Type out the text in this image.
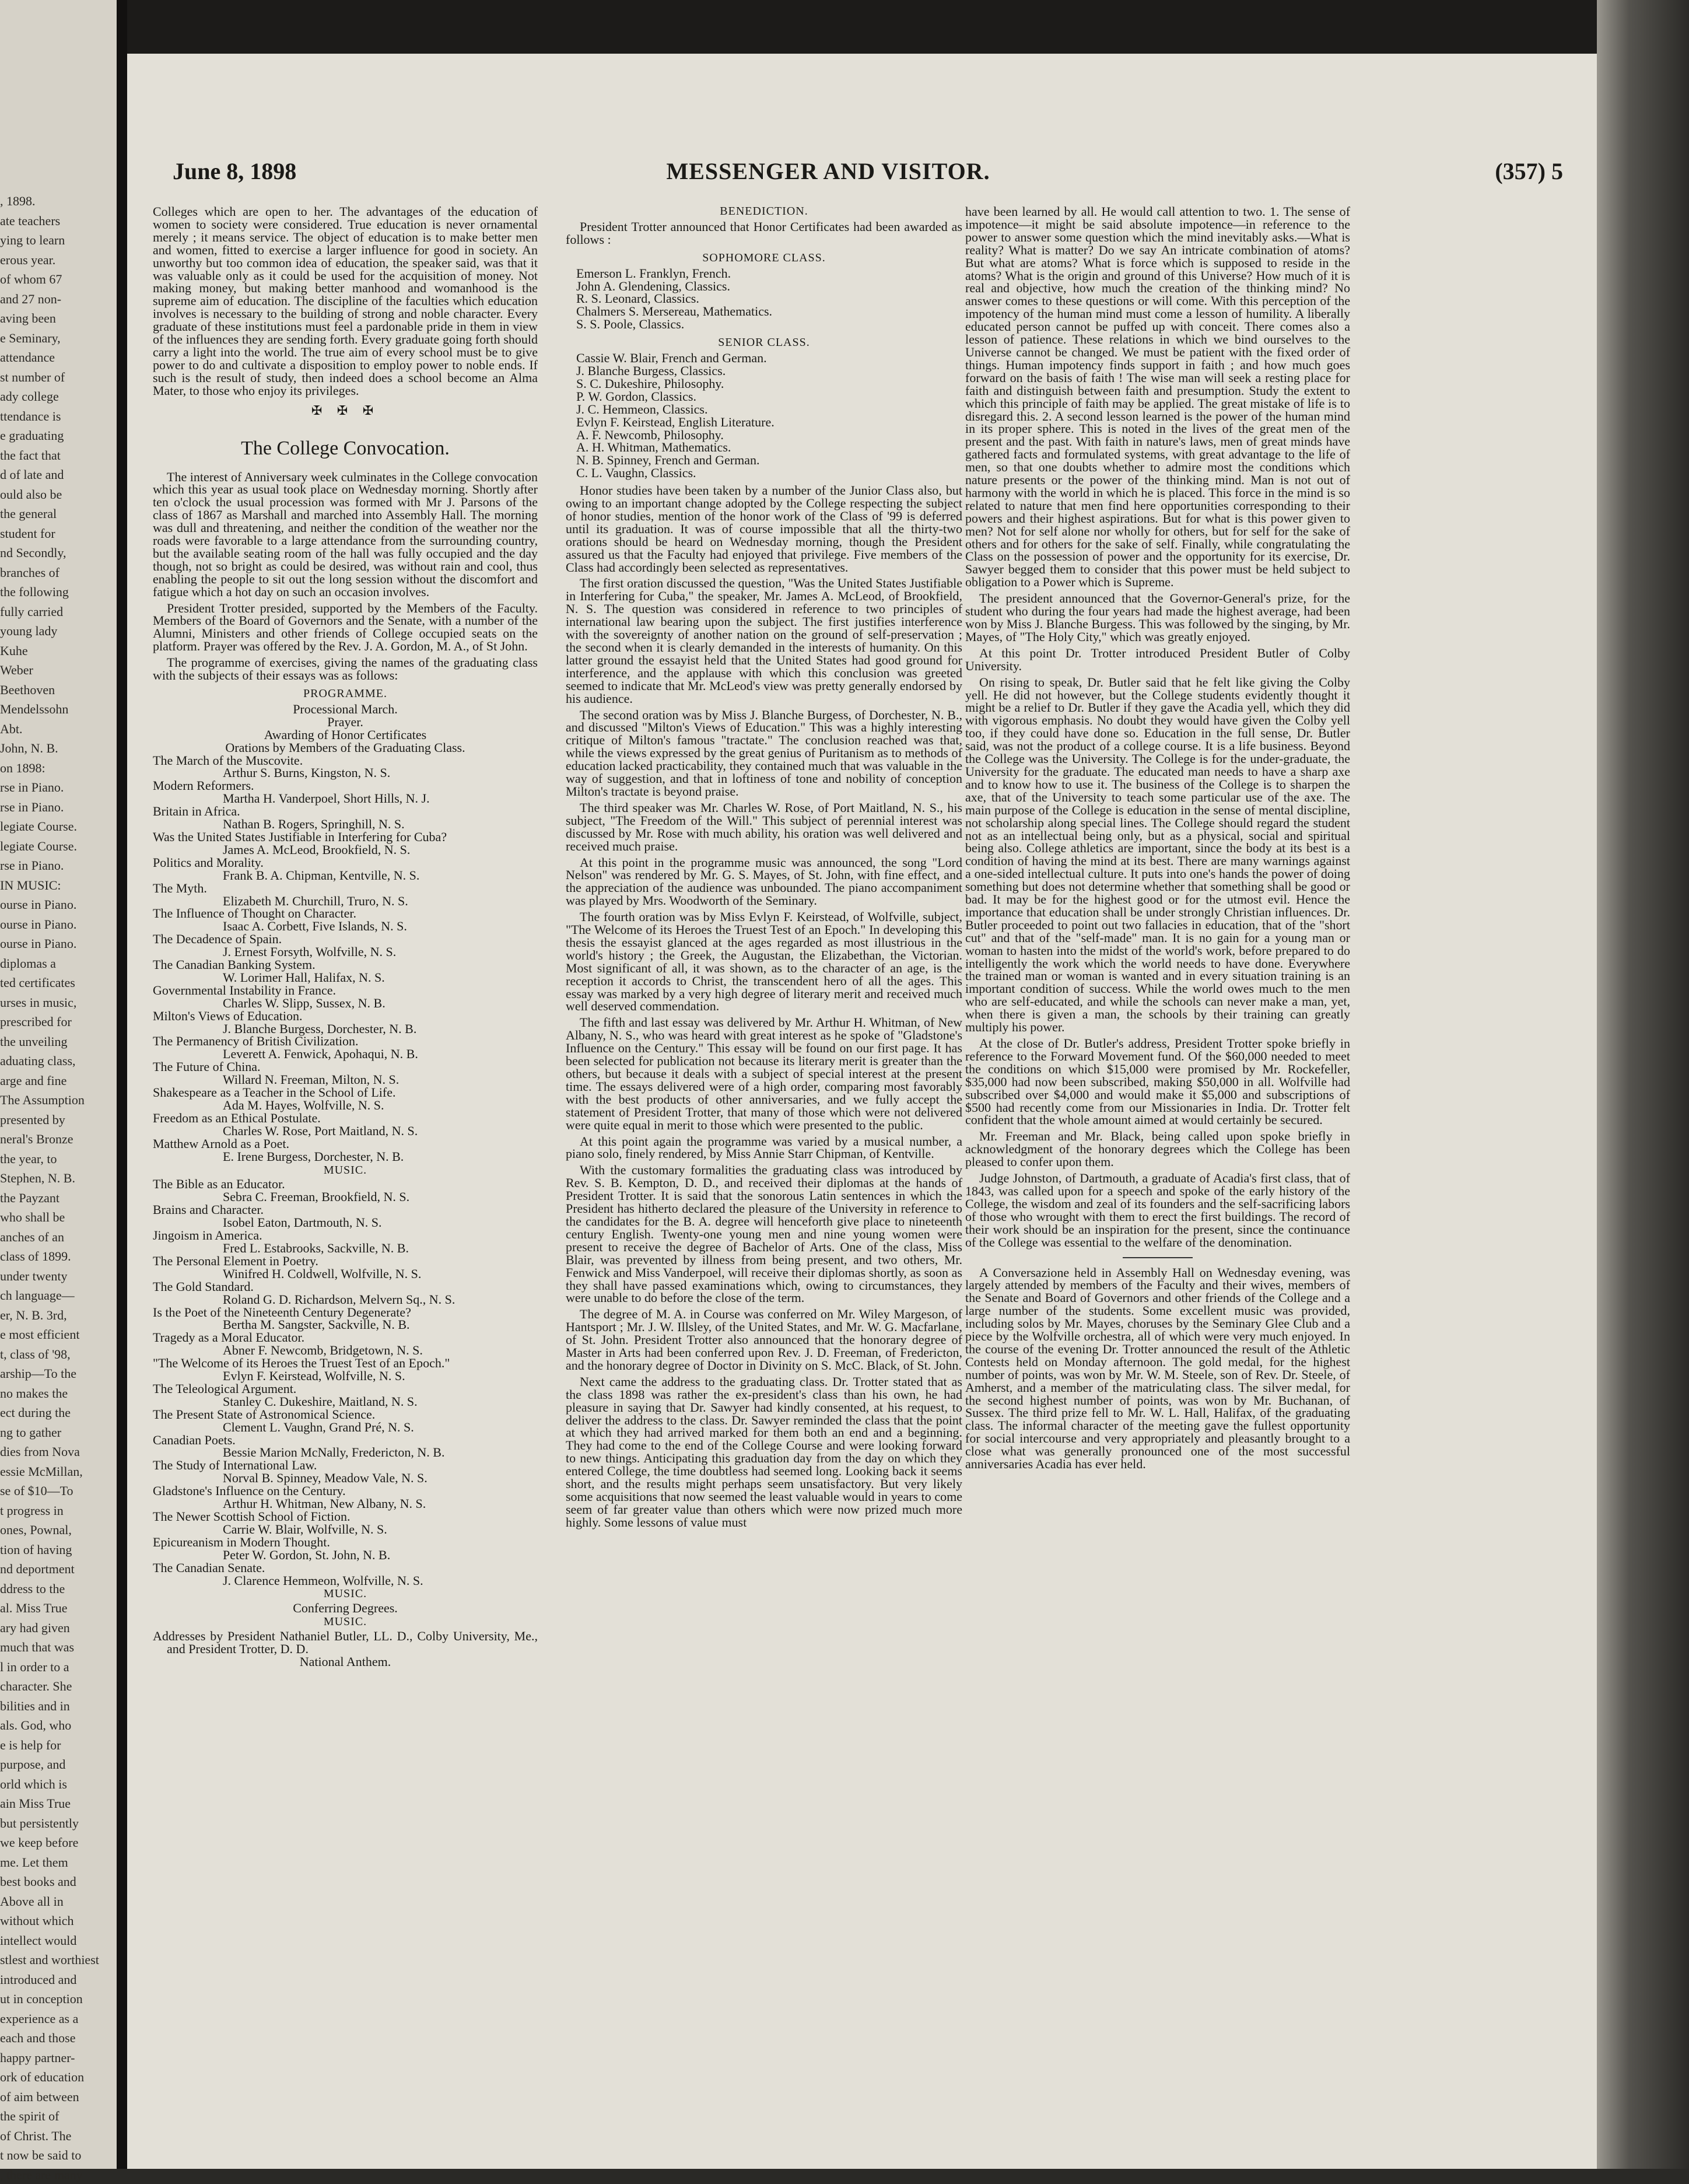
, 1898.
ate teachers
ying to learn
erous year.
of whom 67
and 27 non-
aving been
e Seminary,
attendance
st number of
ady college
ttendance is
e graduating
the fact that
d of late and
ould also be
the general
student for
nd Secondly,
branches of
the following
fully carried
young lady
Kuhe
Weber
Beethoven
Mendelssohn
Abt.
John, N. B.
on 1898:
rse in Piano.
rse in Piano.
legiate Course.
legiate Course.
rse in Piano.
IN MUSIC:
ourse in Piano.
ourse in Piano.
ourse in Piano.
diplomas a
ted certificates
urses in music,
prescribed for
the unveiling
aduating class,
arge and fine
The Assumption
presented by
neral's Bronze
the year, to
Stephen, N. B.
the Payzant
who shall be
anches of an
class of 1899.
under twenty
ch language—
er, N. B. 3rd,
e most efficient
t, class of '98,
arship—To the
no makes the
ect during the
ng to gather
dies from Nova
essie McMillan,
se of $10—To
t progress in
ones, Pownal,
tion of having
nd deportment
ddress to the
al. Miss True
ary had given
much that was
l in order to a
character. She
bilities and in
als. God, who
e is help for
purpose, and
orld which is
ain Miss True
but persistently
we keep before
me. Let them
best books and
Above all in
without which
intellect would
stlest and worthiest
introduced and
ut in conception
experience as a
each and those
happy partner-
ork of education
of aim between
the spirit of
of Christ. The
t now be said to
, there are many
June 8, 1898	MESSENGER AND VISITOR.	(357) 5

Colleges which are open to her. The advantages of the education of women to society were considered. True education is never ornamental merely ; it means service. The object of education is to make better men and women, fitted to exercise a larger influence for good in society. An unworthy but too common idea of education, the speaker said, was that it was valuable only as it could be used for the acquisition of money. Not making money, but making better manhood and womanhood is the supreme aim of education. The discipline of the faculties which education involves is necessary to the building of strong and noble character. Every graduate of these institutions must feel a pardonable pride in them in view of the influences they are sending forth. Every graduate going forth should carry a light into the world. The true aim of every school must be to give power to do and cultivate a disposition to employ power to noble ends. If such is the result of study, then indeed does a school become an Alma Mater, to those who enjoy its privileges.

✠ ✠ ✠
The College Convocation.

The interest of Anniversary week culminates in the College convocation which this year as usual took place on Wednesday morning. Shortly after ten o'clock the usual procession was formed with Mr J. Parsons of the class of 1867 as Marshall and marched into Assembly Hall. The morning was dull and threatening, and neither the condition of the weather nor the roads were favorable to a large attendance from the surrounding country, but the available seating room of the hall was fully occupied and the day though, not so bright as could be desired, was without rain and cool, thus enabling the people to sit out the long session without the discomfort and fatigue which a hot day on such an occasion involves.

President Trotter presided, supported by the Members of the Faculty. Members of the Board of Governors and the Senate, with a number of the Alumni, Ministers and other friends of College occupied seats on the platform. Prayer was offered by the Rev. J. A. Gordon, M. A., of St John.

The programme of exercises, giving the names of the graduating class with the subjects of their essays was as follows:

PROGRAMME.
Processional March.
Prayer.
Awarding of Honor Certificates
Orations by Members of the Graduating Class.
The March of the Muscovite.
Arthur S. Burns, Kingston, N. S.
Modern Reformers.
Martha H. Vanderpoel, Short Hills, N. J.
Britain in Africa.
Nathan B. Rogers, Springhill, N. S.
Was the United States Justifiable in Interfering for Cuba?
James A. McLeod, Brookfield, N. S.
Politics and Morality.
Frank B. A. Chipman, Kentville, N. S.
The Myth.
Elizabeth M. Churchill, Truro, N. S.
The Influence of Thought on Character.
Isaac A. Corbett, Five Islands, N. S.
The Decadence of Spain.
J. Ernest Forsyth, Wolfville, N. S.
The Canadian Banking System.
W. Lorimer Hall, Halifax, N. S.
Governmental Instability in France.
Charles W. Slipp, Sussex, N. B.
Milton's Views of Education.
J. Blanche Burgess, Dorchester, N. B.
The Permanency of British Civilization.
Leverett A. Fenwick, Apohaqui, N. B.
The Future of China.
Willard N. Freeman, Milton, N. S.
Shakespeare as a Teacher in the School of Life.
Ada M. Hayes, Wolfville, N. S.
Freedom as an Ethical Postulate.
Charles W. Rose, Port Maitland, N. S.
Matthew Arnold as a Poet.
E. Irene Burgess, Dorchester, N. B.
MUSIC.
The Bible as an Educator.
Sebra C. Freeman, Brookfield, N. S.
Brains and Character.
Isobel Eaton, Dartmouth, N. S.
Jingoism in America.
Fred L. Estabrooks, Sackville, N. B.
The Personal Element in Poetry.
Winifred H. Coldwell, Wolfville, N. S.
The Gold Standard.
Roland G. D. Richardson, Melvern Sq., N. S.
Is the Poet of the Nineteenth Century Degenerate?
Bertha M. Sangster, Sackville, N. B.
Tragedy as a Moral Educator.
Abner F. Newcomb, Bridgetown, N. S.
"The Welcome of its Heroes the Truest Test of an Epoch."
Evlyn F. Keirstead, Wolfville, N. S.
The Teleological Argument.
Stanley C. Dukeshire, Maitland, N. S.
The Present State of Astronomical Science.
Clement L. Vaughn, Grand Pré, N. S.
Canadian Poets.
Bessie Marion McNally, Fredericton, N. B.
The Study of International Law.
Norval B. Spinney, Meadow Vale, N. S.
Gladstone's Influence on the Century.
Arthur H. Whitman, New Albany, N. S.
The Newer Scottish School of Fiction.
Carrie W. Blair, Wolfville, N. S.
Epicureanism in Modern Thought.
Peter W. Gordon, St. John, N. B.
The Canadian Senate.
J. Clarence Hemmeon, Wolfville, N. S.
MUSIC.
Conferring Degrees.
MUSIC.

Addresses by President Nathaniel Butler, LL. D., Colby University, Me., and President Trotter, D. D.

National Anthem.
BENEDICTION.

President Trotter announced that Honor Certificates had been awarded as follows :

SOPHOMORE CLASS.
Emerson L. Franklyn, French.
John A. Glendening, Classics.
R. S. Leonard, Classics.
Chalmers S. Mersereau, Mathematics.
S. S. Poole, Classics.
SENIOR CLASS.
Cassie W. Blair, French and German.
J. Blanche Burgess, Classics.
S. C. Dukeshire, Philosophy.
P. W. Gordon, Classics.
J. C. Hemmeon, Classics.
Evlyn F. Keirstead, English Literature.
A. F. Newcomb, Philosophy.
A. H. Whitman, Mathematics.
N. B. Spinney, French and German.
C. L. Vaughn, Classics.

Honor studies have been taken by a number of the Junior Class also, but owing to an important change adopted by the College respecting the subject of honor studies, mention of the honor work of the Class of '99 is deferred until its graduation. It was of course impossible that all the thirty-two orations should be heard on Wednesday morning, though the President assured us that the Faculty had enjoyed that privilege. Five members of the Class had accordingly been selected as representatives.

The first oration discussed the question, "Was the United States Justifiable in Interfering for Cuba," the speaker, Mr. James A. McLeod, of Brookfield, N. S. The question was considered in reference to two principles of international law bearing upon the subject. The first justifies interference with the sovereignty of another nation on the ground of self-preservation ; the second when it is clearly demanded in the interests of humanity. On this latter ground the essayist held that the United States had good ground for interference, and the applause with which this conclusion was greeted seemed to indicate that Mr. McLeod's view was pretty generally endorsed by his audience.

The second oration was by Miss J. Blanche Burgess, of Dorchester, N. B., and discussed "Milton's Views of Education." This was a highly interesting critique of Milton's famous "tractate." The conclusion reached was that, while the views expressed by the great genius of Puritanism as to methods of education lacked practicability, they contained much that was valuable in the way of suggestion, and that in loftiness of tone and nobility of conception Milton's tractate is beyond praise.

The third speaker was Mr. Charles W. Rose, of Port Maitland, N. S., his subject, "The Freedom of the Will." This subject of perennial interest was discussed by Mr. Rose with much ability, his oration was well delivered and received much praise.

At this point in the programme music was announced, the song "Lord Nelson" was rendered by Mr. G. S. Mayes, of St. John, with fine effect, and the appreciation of the audience was unbounded. The piano accompaniment was played by Mrs. Woodworth of the Seminary.

The fourth oration was by Miss Evlyn F. Keirstead, of Wolfville, subject, "The Welcome of its Heroes the Truest Test of an Epoch." In developing this thesis the essayist glanced at the ages regarded as most illustrious in the world's history ; the Greek, the Augustan, the Elizabethan, the Victorian. Most significant of all, it was shown, as to the character of an age, is the reception it accords to Christ, the transcendent hero of all the ages. This essay was marked by a very high degree of literary merit and received much well deserved commendation.

The fifth and last essay was delivered by Mr. Arthur H. Whitman, of New Albany, N. S., who was heard with great interest as he spoke of "Gladstone's Influence on the Century." This essay will be found on our first page. It has been selected for publication not because its literary merit is greater than the others, but because it deals with a subject of special interest at the present time. The essays delivered were of a high order, comparing most favorably with the best products of other anniversaries, and we fully accept the statement of President Trotter, that many of those which were not delivered were quite equal in merit to those which were presented to the public.

At this point again the programme was varied by a musical number, a piano solo, finely rendered, by Miss Annie Starr Chipman, of Kentville.

With the customary formalities the graduating class was introduced by Rev. S. B. Kempton, D. D., and received their diplomas at the hands of President Trotter. It is said that the sonorous Latin sentences in which the President has hitherto declared the pleasure of the University in reference to the candidates for the B. A. degree will henceforth give place to nineteenth century English. Twenty-one young men and nine young women were present to receive the degree of Bachelor of Arts. One of the class, Miss Blair, was prevented by illness from being present, and two others, Mr. Fenwick and Miss Vanderpoel, will receive their diplomas shortly, as soon as they shall have passed examinations which, owing to circumstances, they were unable to do before the close of the term.

The degree of M. A. in Course was conferred on Mr. Wiley Margeson, of Hantsport ; Mr. J. W. Illsley, of the United States, and Mr. W. G. Macfarlane, of St. John. President Trotter also announced that the honorary degree of Master in Arts had been conferred upon Rev. J. D. Freeman, of Fredericton, and the honorary degree of Doctor in Divinity on S. McC. Black, of St. John.

Next came the address to the graduating class. Dr. Trotter stated that as the class 1898 was rather the ex-president's class than his own, he had pleasure in saying that Dr. Sawyer had kindly consented, at his request, to deliver the address to the class. Dr. Sawyer reminded the class that the point at which they had arrived marked for them both an end and a beginning. They had come to the end of the College Course and were looking forward to new things. Anticipating this graduation day from the day on which they entered College, the time doubtless had seemed long. Looking back it seems short, and the results might perhaps seem unsatisfactory. But very likely some acquisitions that now seemed the least valuable would in years to come seem of far greater value than others which were now prized much more highly. Some lessons of value must

have been learned by all. He would call attention to two. 1. The sense of impotence—it might be said absolute impotence—in reference to the power to answer some question which the mind inevitably asks.—What is reality? What is matter? Do we say An intricate combination of atoms? But what are atoms? What is force which is supposed to reside in the atoms? What is the origin and ground of this Universe? How much of it is real and objective, how much the creation of the thinking mind? No answer comes to these questions or will come. With this perception of the impotency of the human mind must come a lesson of humility. A liberally educated person cannot be puffed up with conceit. There comes also a lesson of patience. These relations in which we bind ourselves to the Universe cannot be changed. We must be patient with the fixed order of things. Human impotency finds support in faith ; and how much goes forward on the basis of faith ! The wise man will seek a resting place for faith and distinguish between faith and presumption. Study the extent to which this principle of faith may be applied. The great mistake of life is to disregard this. 2. A second lesson learned is the power of the human mind in its proper sphere. This is noted in the lives of the great men of the present and the past. With faith in nature's laws, men of great minds have gathered facts and formulated systems, with great advantage to the life of men, so that one doubts whether to admire most the conditions which nature presents or the power of the thinking mind. Man is not out of harmony with the world in which he is placed. This force in the mind is so related to nature that men find here opportunities corresponding to their powers and their highest aspirations. But for what is this power given to men? Not for self alone nor wholly for others, but for self for the sake of others and for others for the sake of self. Finally, while congratulating the Class on the possession of power and the opportunity for its exercise, Dr. Sawyer begged them to consider that this power must be held subject to obligation to a Power which is Supreme.

The president announced that the Governor-General's prize, for the student who during the four years had made the highest average, had been won by Miss J. Blanche Burgess. This was followed by the singing, by Mr. Mayes, of "The Holy City," which was greatly enjoyed.

At this point Dr. Trotter introduced President Butler of Colby University.

On rising to speak, Dr. Butler said that he felt like giving the Colby yell. He did not however, but the College students evidently thought it might be a relief to Dr. Butler if they gave the Acadia yell, which they did with vigorous emphasis. No doubt they would have given the Colby yell too, if they could have done so. Education in the full sense, Dr. Butler said, was not the product of a college course. It is a life business. Beyond the College was the University. The College is for the under-graduate, the University for the graduate. The educated man needs to have a sharp axe and to know how to use it. The business of the College is to sharpen the axe, that of the University to teach some particular use of the axe. The main purpose of the College is education in the sense of mental discipline, not scholarship along special lines. The College should regard the student not as an intellectual being only, but as a physical, social and spiritual being also. College athletics are important, since the body at its best is a condition of having the mind at its best. There are many warnings against a one-sided intellectual culture. It puts into one's hands the power of doing something but does not determine whether that something shall be good or bad. It may be for the highest good or for the utmost evil. Hence the importance that education shall be under strongly Christian influences. Dr. Butler proceeded to point out two fallacies in education, that of the "short cut" and that of the "self-made" man. It is no gain for a young man or woman to hasten into the midst of the world's work, before prepared to do intelligently the work which the world needs to have done. Everywhere the trained man or woman is wanted and in every situation training is an important condition of success. While the world owes much to the men who are self-educated, and while the schools can never make a man, yet, when there is given a man, the schools by their training can greatly multiply his power.

At the close of Dr. Butler's address, President Trotter spoke briefly in reference to the Forward Movement fund. Of the $60,000 needed to meet the conditions on which $15,000 were promised by Mr. Rockefeller, $35,000 had now been subscribed, making $50,000 in all. Wolfville had subscribed over $4,000 and would make it $5,000 and subscriptions of $500 had recently come from our Missionaries in India. Dr. Trotter felt confident that the whole amount aimed at would certainly be secured.

Mr. Freeman and Mr. Black, being called upon spoke briefly in acknowledgment of the honorary degrees which the College has been pleased to confer upon them.

Judge Johnston, of Dartmouth, a graduate of Acadia's first class, that of 1843, was called upon for a speech and spoke of the early history of the College, the wisdom and zeal of its founders and the self-sacrificing labors of those who wrought with them to erect the first buildings. The record of their work should be an inspiration for the present, since the continuance of the College was essential to the welfare of the denomination.

A Conversazione held in Assembly Hall on Wednesday evening, was largely attended by members of the Faculty and their wives, members of the Senate and Board of Governors and other friends of the College and a large number of the students. Some excellent music was provided, including solos by Mr. Mayes, choruses by the Seminary Glee Club and a piece by the Wolfville orchestra, all of which were very much enjoyed. In the course of the evening Dr. Trotter announced the result of the Athletic Contests held on Monday afternoon. The gold medal, for the highest number of points, was won by Mr. W. M. Steele, son of Rev. Dr. Steele, of Amherst, and a member of the matriculating class. The silver medal, for the second highest number of points, was won by Mr. Buchanan, of Sussex. The third prize fell to Mr. W. L. Hall, Halifax, of the graduating class. The informal character of the meeting gave the fullest opportunity for social intercourse and very appropriately and pleasantly brought to a close what was generally pronounced one of the most successful anniversaries Acadia has ever held.
